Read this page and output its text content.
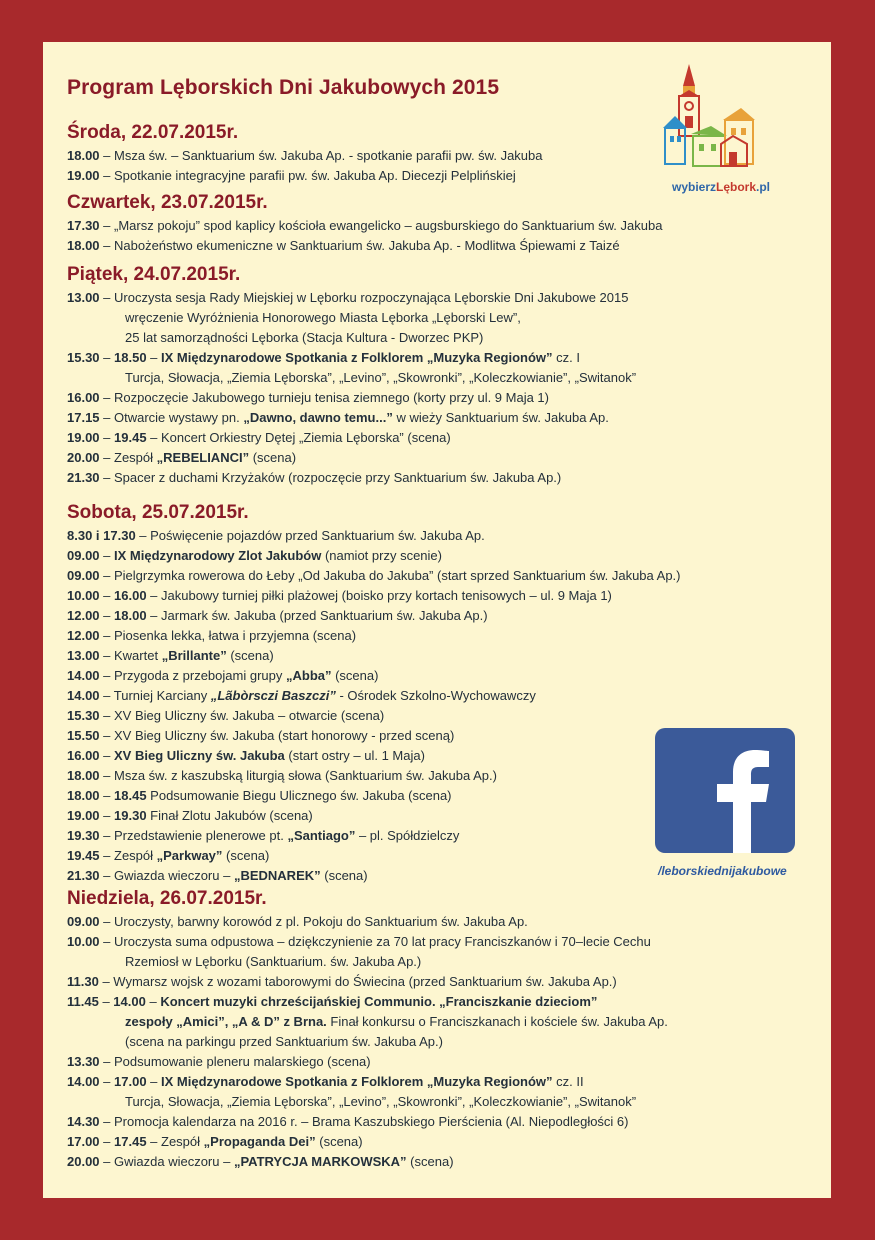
Program Lęborskich Dni Jakubowych 2015
wybierzLębork.pl
/leborskiednijakubowe
Środa, 22.07.2015r.
18.00 – Msza św. – Sanktuarium św. Jakuba Ap. - spotkanie parafii pw. św. Jakuba
19.00 – Spotkanie integracyjne parafii pw. św. Jakuba Ap. Diecezji Pelplińskiej
Czwartek, 23.07.2015r.
17.30 – „Marsz pokoju” spod kaplicy kościoła ewangelicko – augsburskiego do Sanktuarium św. Jakuba
18.00 – Nabożeństwo ekumeniczne w Sanktuarium św. Jakuba Ap. - Modlitwa Śpiewami z Taizé
Piątek, 24.07.2015r.
13.00 – Uroczysta sesja Rady Miejskiej w Lęborku rozpoczynająca Lęborskie Dni Jakubowe 2015
wręczenie Wyróżnienia Honorowego Miasta Lęborka „Lęborski Lew”,
25 lat samorządności Lęborka (Stacja Kultura - Dworzec PKP)
15.30 – 18.50 – IX Międzynarodowe Spotkania z Folklorem „Muzyka Regionów” cz. I
Turcja, Słowacja, „Ziemia Lęborska”, „Levino”, „Skowronki”, „Koleczkowianie”, „Switanok”
16.00 – Rozpoczęcie Jakubowego turnieju tenisa ziemnego (korty przy ul. 9 Maja 1)
17.15 – Otwarcie wystawy pn. „Dawno, dawno temu...” w wieży Sanktuarium św. Jakuba Ap.
19.00 – 19.45 – Koncert Orkiestry Dętej „Ziemia Lęborska” (scena)
20.00 – Zespół „REBELIANCI” (scena)
21.30 – Spacer z duchami Krzyżaków (rozpoczęcie przy Sanktuarium św. Jakuba Ap.)
Sobota, 25.07.2015r.
8.30 i 17.30 – Poświęcenie pojazdów przed Sanktuarium św. Jakuba Ap.
09.00 – IX Międzynarodowy Zlot Jakubów (namiot przy scenie)
09.00 – Pielgrzymka rowerowa do Łeby „Od Jakuba do Jakuba” (start sprzed Sanktuarium św. Jakuba Ap.)
10.00 – 16.00 – Jakubowy turniej piłki plażowej (boisko przy kortach tenisowych – ul. 9 Maja 1)
12.00 – 18.00 – Jarmark św. Jakuba (przed Sanktuarium św. Jakuba Ap.)
12.00 – Piosenka lekka, łatwa i przyjemna (scena)
13.00 – Kwartet „Brillante” (scena)
14.00 – Przygoda z przebojami grupy „Abba” (scena)
14.00 – Turniej Karciany „Lãbòrsczi Baszczi” - Ośrodek Szkolno-Wychowawczy
15.30 – XV Bieg Uliczny św. Jakuba – otwarcie (scena)
15.50 – XV Bieg Uliczny św. Jakuba (start honorowy - przed sceną)
16.00 – XV Bieg Uliczny św. Jakuba (start ostry – ul. 1 Maja)
18.00 – Msza św. z kaszubską liturgią słowa (Sanktuarium św. Jakuba Ap.)
18.00 – 18.45 Podsumowanie Biegu Ulicznego św. Jakuba (scena)
19.00 – 19.30 Finał Zlotu Jakubów (scena)
19.30 – Przedstawienie plenerowe pt. „Santiago” – pl. Spółdzielczy
19.45 – Zespół „Parkway” (scena)
21.30 – Gwiazda wieczoru – „BEDNAREK” (scena)
Niedziela, 26.07.2015r.
09.00 – Uroczysty, barwny korowód z pl. Pokoju do Sanktuarium św. Jakuba Ap.
10.00 – Uroczysta suma odpustowa – dziękczynienie za 70 lat pracy Franciszkanów i 70–lecie Cechu
Rzemiosł w Lęborku (Sanktuarium. św. Jakuba Ap.)
11.30 – Wymarsz wojsk z wozami taborowymi do Świecina (przed Sanktuarium św. Jakuba Ap.)
11.45 – 14.00 – Koncert muzyki chrześcijańskiej Communio. „Franciszkanie dzieciom”
zespoły „Amici”, „A & D” z Brna. Finał konkursu o Franciszkanach i kościele św. Jakuba Ap.
(scena na parkingu przed Sanktuarium św. Jakuba Ap.)
13.30 – Podsumowanie pleneru malarskiego (scena)
14.00 – 17.00 – IX Międzynarodowe Spotkania z Folklorem „Muzyka Regionów” cz. II
Turcja, Słowacja, „Ziemia Lęborska”, „Levino”, „Skowronki”, „Koleczkowianie”, „Switanok”
14.30 – Promocja kalendarza na 2016 r. – Brama Kaszubskiego Pierścienia (Al. Niepodległości 6)
17.00 – 17.45 – Zespół „Propaganda Dei” (scena)
20.00 – Gwiazda wieczoru – „PATRYCJA MARKOWSKA” (scena)
